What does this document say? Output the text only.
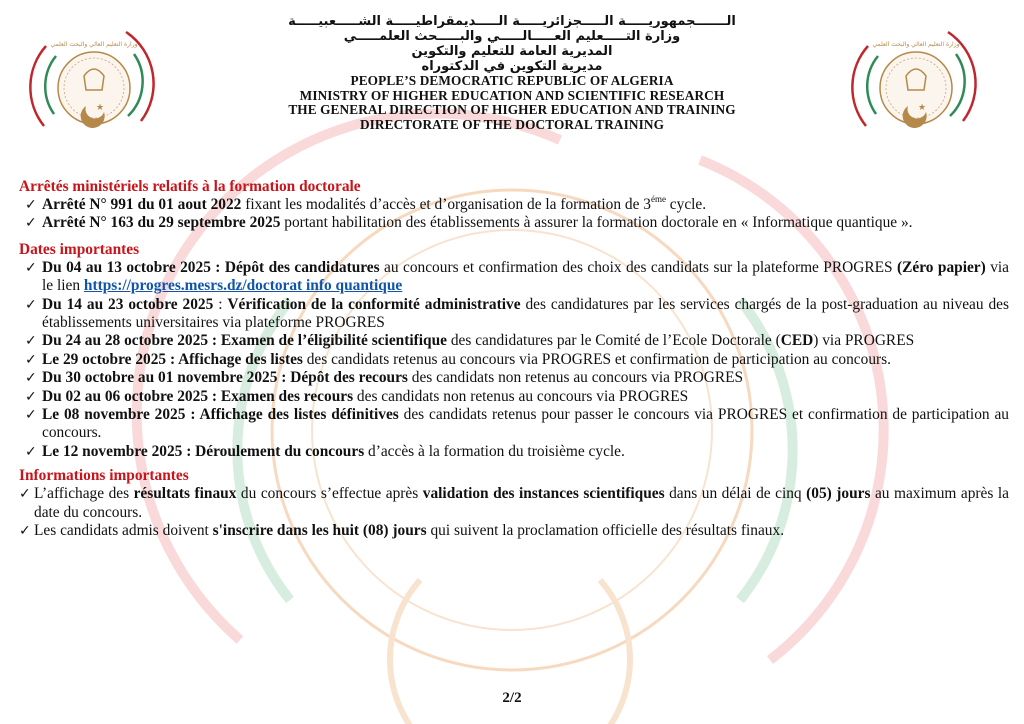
★
وزارة التعليم العالي والبحث العلمي
★
وزارة التعليم العالي والبحث العلمي
الـــــــجمهوريـــــة الـــــجزائريـــــة الـــــديمقراطيـــــة الشـــــعبيـــــة
وزارة التـــــعليم العـــــالـــــي والبـــــحث العلمـــــي
المديرية العامة للتعليم والتكوين
مديرية التكوين في الدكتوراه
PEOPLE’S DEMOCRATIC REPUBLIC OF ALGERIA
MINISTRY OF HIGHER EDUCATION AND SCIENTIFIC RESEARCH
THE GENERAL DIRECTION OF HIGHER EDUCATION AND TRAINING
DIRECTORATE OF THE DOCTORAL TRAINING
Arrêtés ministériels relatifs à la formation doctorale
✓ Arrêté N° 991 du 01 aout 2022 fixant les modalités d’accès et d’organisation de la formation de $3^{éme}$ cycle.
✓ Arrêté N° 163 du 29 septembre 2025 portant habilitation des établissements à assurer la formation doctorale en « Informatique quantique ».
Dates importantes
✓ Du 04 au 13 octobre 2025 : Dépôt des candidatures au concours et confirmation des choix des candidats sur la plateforme PROGRES (Zéro papier) via le lien https://progres.mesrs.dz/doctorat info quantique
✓ Du 14 au 23 octobre 2025 : Vérification de la conformité administrative des candidatures par les services chargés de la post-graduation au niveau des établissements universitaires via plateforme PROGRES
✓ Du 24 au 28 octobre 2025 : Examen de l’éligibilité scientifique des candidatures par le Comité de l’Ecole Doctorale (CED) via PROGRES
✓ Le 29 octobre 2025 : Affichage des listes des candidats retenus au concours via PROGRES et confirmation de participation au concours.
✓ Du 30 octobre au 01 novembre 2025 : Dépôt des recours des candidats non retenus au concours via PROGRES
✓ Du 02 au 06 octobre 2025 : Examen des recours des candidats non retenus au concours via PROGRES
✓ Le 08 novembre 2025 : Affichage des listes définitives des candidats retenus pour passer le concours via PROGRES et confirmation de participation au concours.
✓ Le 12 novembre 2025 : Déroulement du concours d’accès à la formation du troisième cycle.
Informations importantes
✓ L’affichage des résultats finaux du concours s’effectue après validation des instances scientifiques dans un délai de cinq (05) jours au maximum après la date du concours.
✓ Les candidats admis doivent s'inscrire dans les huit (08) jours qui suivent la proclamation officielle des résultats finaux.
2/2
